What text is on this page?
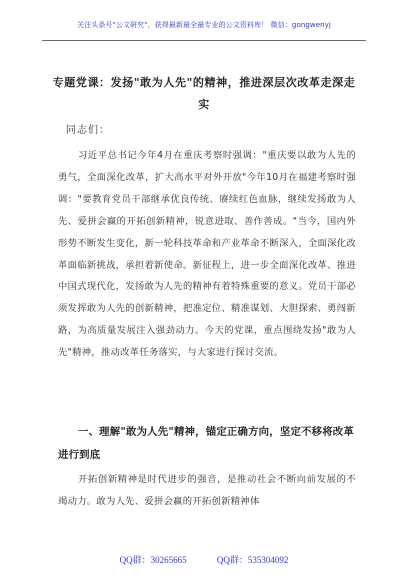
关注头条号"公文研究"，获得最新最全最专业的公文资料库！ 微信：gongwenyj
专题党课：发扬"敢为人先"的精神，推进深层次改革走深走实
同志们：
习近平总书记今年4月在重庆考察时强调："重庆要以敢为人先的勇气，全面深化改革，扩大高水平对外开放"今年10月在福建考察时强调："要教育党员干部继承优良传统、赓续红色血脉，继续发扬敢为人先、爱拼会赢的开拓创新精神，锐意进取、善作善成。"当今，国内外形势不断发生变化，新一轮科技革命和产业革命不断深入，全面深化改革面临新挑战，承担着新使命。新征程上，进一步全面深化改革、推进中国式现代化，发扬敢为人先的精神有着特殊重要的意义。党员干部必须发挥敢为人先的创新精神，把准定位、精准谋划、大胆探索、勇闯新路，为高质量发展注入强劲动力。今天的党课，重点围绕发扬"敢为人先"精神，推动改革任务落实，与大家进行探讨交流。
一、理解"敢为人先"精神，锚定正确方向，坚定不移将改革进行到底
开拓创新精神是时代进步的强音，是推动社会不断向前发展的不竭动力。敢为人先、爱拼会赢的开拓创新精神体
QQ群：30265665	QQ群：535304092
